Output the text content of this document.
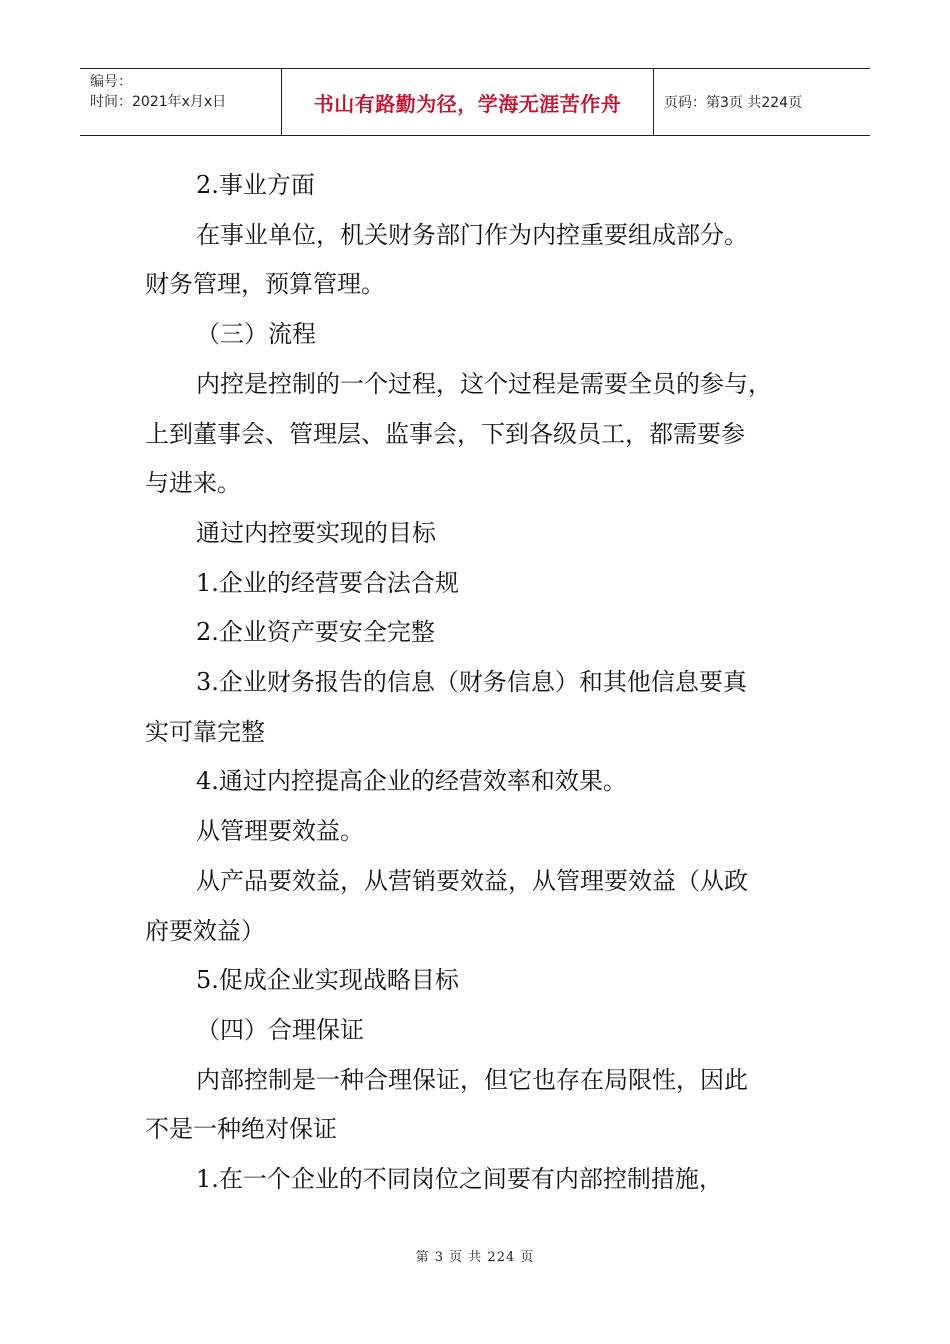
编号：
时间：2021年x月x日	书山有路勤为径，学海无涯苦作舟	页码：第3页 共224页

2.事业方面

在事业单位，机关财务部门作为内控重要组成部分。

财务管理，预算管理。

（三）流程

内控是控制的一个过程，这个过程是需要全员的参与，

上到董事会、管理层、监事会，下到各级员工，都需要参

与进来。

通过内控要实现的目标

1.企业的经营要合法合规

2.企业资产要安全完整

3.企业财务报告的信息（财务信息）和其他信息要真

实可靠完整

4.通过内控提高企业的经营效率和效果。

从管理要效益。

从产品要效益，从营销要效益，从管理要效益（从政

府要效益）

5.促成企业实现战略目标

（四）合理保证

内部控制是一种合理保证，但它也存在局限性，因此

不是一种绝对保证

1.在一个企业的不同岗位之间要有内部控制措施，

第 3 页 共 224 页
